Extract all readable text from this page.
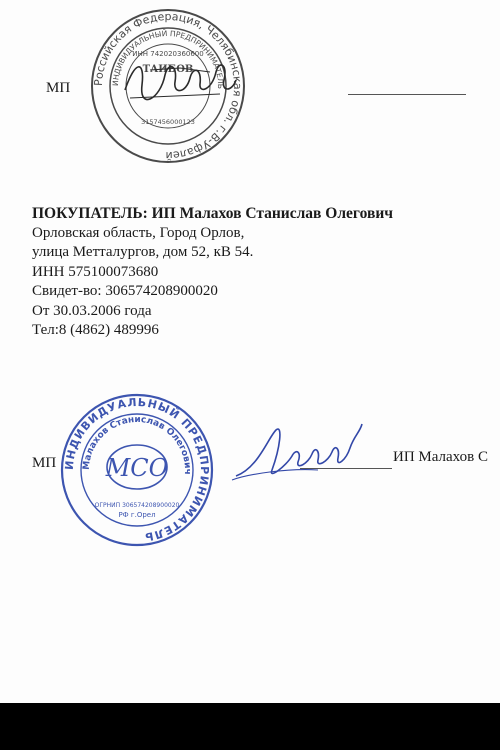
Российская Федерация, Челябинская обл. г.В-Уфалей
ИНДИВИДУАЛЬНЫЙ ПРЕДПРИНИМАТЕЛЬ
ИНН 742020360600
ТАИБОВ
3157456000123
МП
ПОКУПАТЕЛЬ: ИП Малахов Станислав Олегович
Орловская область, Город Орлов,
улица Метталургов, дом 52, кВ 54.
ИНН 575100073680
Свидет-во: 306574208900020
От 30.03.2006 года
Тел:8 (4862) 489996
ИНДИВИДУАЛЬНЫЙ ПРЕДПРИНИМАТЕЛЬ
Малахов Станислав Олегович
МСО
ОГРНИП 306574208900020
РФ г.Орел
МП	ИП Малахов С
